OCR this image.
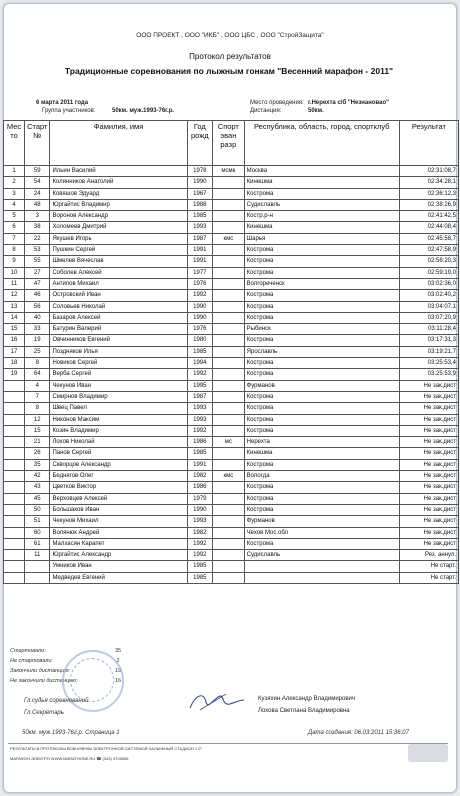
ООО ПРОЕКТ , ООО "ИКБ" , ООО ЦБС , ООО "СтройЗащита"
Протокол результатов
Традиционные соревнования по лыжным гонкам "Весенний марафон - 2011"
6 марта 2011 года
Группа участников:	50км. муж.1993-76г.р.
Место проведения: г.Нерехта с/б "Незнановао"
Дистанция:	50км.
Мес то	Старт №	Фамилия, имя	Год рожд	Спорт эван разр	Республика, область, город, спортклуб	Результат
1	59	Ильин Василий	1978	мсмк	Москва	02:31:08,7
2	54	Колянников Анатолий	1990		Кинешма	02:34:28,1
3	24	Ковяшов Эдуард	1967		Кострома	02:36:12,3
4	48	Юргайтис Владимир	1988		Судиславль	02:38:26,9
5	3	Воронов Александр	1985		Костр.р-н	02:41:42,5
6	38	Холомеев Дмитрий	1993		Кинешма	02:44:08,4
7	22	Якушев Игорь	1987	кмс	Шарья	02:45:58,7
8	53	Пушкин Сергей	1991		Кострома	02:47:58,9
9	55	Шмелев Вячеслав	1991		Кострома	02:56:20,3
10	27	Соболев Алексей	1977		Кострома	02:59:19,0
11	47	Антипов Михаил	1976		Волгореченск	03:02:36,0
12	46	Островский Иван	1992		Кострома	03:02:40,2
13	56	Соловьев Николай	1990		Кострома	03:04:07,1
14	40	Базаров Алексей	1990		Кострома	03:07:20,9
15	33	Батурин Валерий	1976		Рыбинск	03:11:28,4
16	19	Овчинников Евгений	1980		Кострома	03:17:31,3
17	25	Поздняков Илья	1985		Ярославль	03:19:21,7
18	8	Новиков Сергей	1994		Кострома	03:25:53,4
19	64	Верба Сергей	1992		Кострома	03:25:53,9
	4	Чекунов Иван	1995		Фурманов	Не зак.дист
	7	Смирнов Владимир	1987		Кострома	Не зак.дист
	8	Швец Павел	1993		Кострома	Не зак.дист
	12	Никонов Максим	1993		Кострома	Не зак.дист
	15	Козин Владимир	1992		Кострома	Не зак.дист
	21	Лохов Николай	1986	мс	Нерехта	Не зак.дист
	26	Панов Сергей	1985		Кинешма	Не зак.дист
	35	Скворцов Александр	1991		Кострома	Не зак.дист
	42	Беднягов Олег	1982	кмс	Вологда	Не зак.дист
	43	Цветков Виктор	1986		Кострома	Не зак.дист
	45	Верховцев Алексей	1979		Кострома	Не зак.дист
	50	Большаков Иван	1990		Кострома	Не зак.дист
	51	Чекунов Михаил	1993		Фурманов	Не зак.дист
	60	Волянюк Андрей	1982		Чехов Мос.обл	Не зак.дист
	61	Малхасян Карапет	1992		Кострома	Не зак.дист
	11	Юргайтис Александр	1992		Судиславль	Рез. аннул.
		Умников Иван	1985			Не старт.
		Медведев Евгений	1985			Не старт.
Стартовало:	35
Не стартовали:	2
Закончили дистанцию:	19
Не закончили дистанцию:	16
Гл.судья соревнований
Гл.Секретарь
Кузяхин Александр Владимирович
Лохова Светлана Владимировна
50км. муж.1993-76г.р. Страница 1	Дата создания: 06.03.2011 15:36:07
РЕЗУЛЬТАТЫ В ПРОТОКОЛЫ ВОВЧУВЕНЫ ЭЛЕКТРОННОЙ СИСТЕМОЙ ЧАЛЫЖНЫЙ СТАДИОН 1.0"
МАРАФОН-ЭЛЕКТРО WWW.MARATHONE.RU ☎ (343) 3705066
